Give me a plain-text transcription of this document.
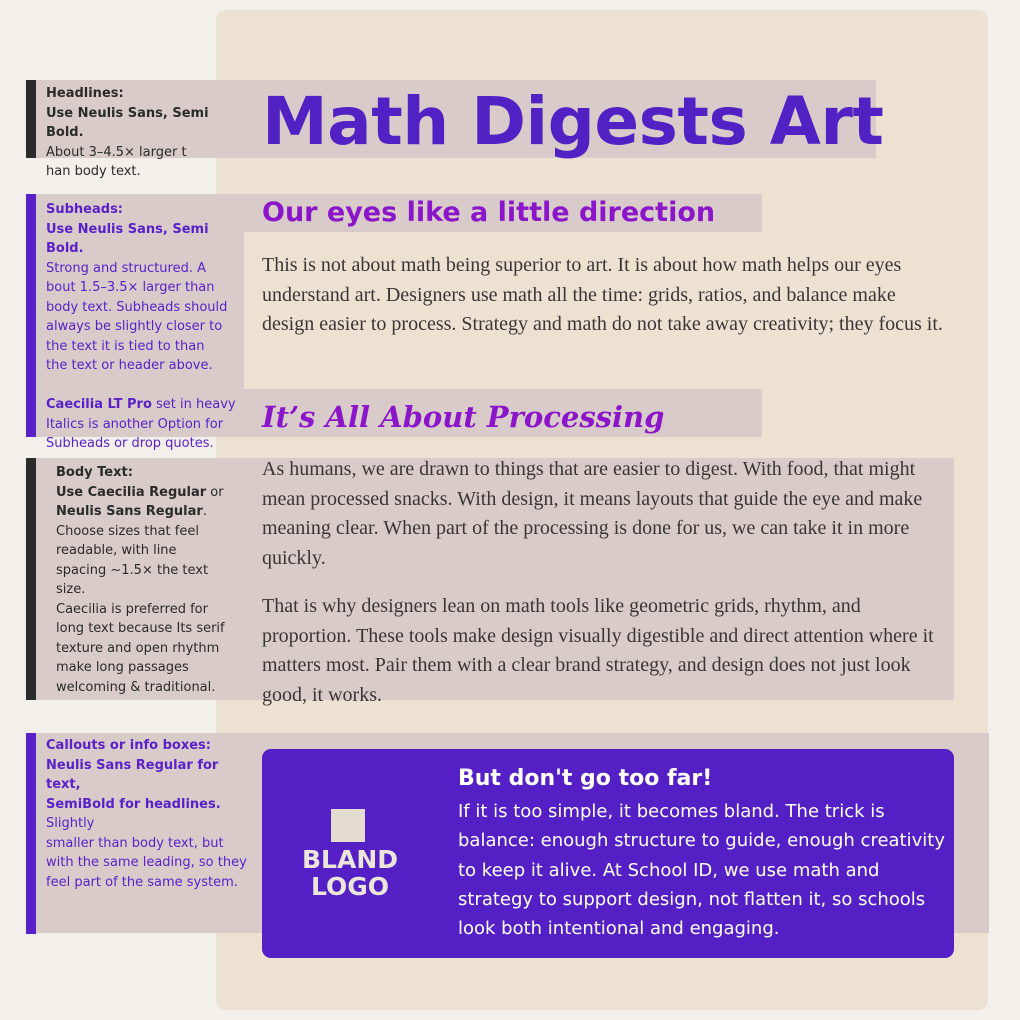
Headlines:
Use Neulis Sans, Semi Bold.
About 3–4.5× larger t
han body text.
Subheads:
Use Neulis Sans, Semi Bold.
Strong and structured. A
bout 1.5–3.5× larger than
body text. Subheads should
always be slightly closer to
the text it is tied to than
the text or header above.

Caecilia LT Pro set in heavy
Italics is another Option for
Subheads or drop quotes.
Body Text:
Use Caecilia Regular or
Neulis Sans Regular.
Choose sizes that feel
readable, with line
spacing ~1.5× the text size.
Caecilia is preferred for
long text because Its serif
texture and open rhythm
make long passages
welcoming & traditional.
Callouts or info boxes:
Neulis Sans Regular for text,
SemiBold for headlines. Slightly
smaller than body text, but
with the same leading, so they
feel part of the same system.
Math Digests Art
Our eyes like a little direction

This is not about math being superior to art. It is about how math helps our eyes understand art. Designers use math all the time: grids, ratios, and balance make design easier to process. Strategy and math do not take away creativity; they focus it.

It’s All About Processing

As humans, we are drawn to things that are easier to digest. With food, that might mean processed snacks. With design, it means layouts that guide the eye and make meaning clear. When part of the processing is done for us, we can take it in more quickly.

That is why designers lean on math tools like geometric grids, rhythm, and proportion. These tools make design visually digestible and direct attention where it matters most. Pair them with a clear brand strategy, and design does not just look good, it works.

BLAND
LOGO
But don't go too far!

If it is too simple, it becomes bland. The trick is balance: enough structure to guide, enough creativity to keep it alive. At School ID, we use math and strategy to support design, not flatten it, so schools look both intentional and engaging.
